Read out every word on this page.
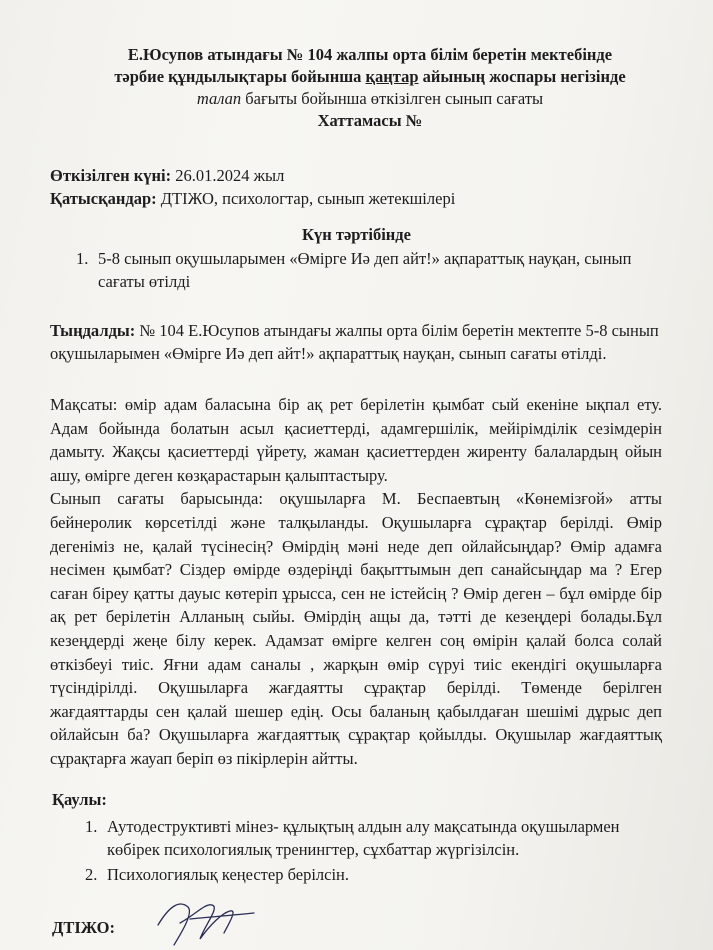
Е.Юсупов атындағы № 104 жалпы орта білім беретін мектебінде
тәрбие құндылықтары бойынша қаңтар айының жоспары негізінде
талап бағыты бойынша өткізілген сынып сағаты
Хаттамасы №
Өткізілген күні: 26.01.2024 жыл
Қатысқандар: ДТІЖО, психологтар, сынып жетекшілері
Күн тәртібінде
1. 5-8 сынып оқушыларымен «Өмірге Иә деп айт!» ақпараттық науқан, сынып сағаты өтілді
Тыңдалды: № 104 Е.Юсупов атындағы жалпы орта білім беретін мектепте 5-8 сынып оқушыларымен «Өмірге Иә деп айт!» ақпараттық науқан, сынып сағаты өтілді.
Мақсаты: өмір адам баласына бір ақ рет берілетін қымбат сый екеніне ықпал ету. Адам бойында болатын асыл қасиеттерді, адамгершілік, мейірімділік сезімдерін дамыту. Жақсы қасиеттерді үйрету, жаман қасиеттерден жиренту балалардың ойын ашу, өмірге деген көзқарастарын қалыптастыру.
Сынып сағаты барысында: оқушыларға М. Беспаевтың «Көнемізғой» атты бейнеролик көрсетілді және талқыланды. Оқушыларға сұрақтар берілді. Өмір дегеніміз не, қалай түсінесің? Өмірдің мәні неде деп ойлайсыңдар? Өмір адамға несімен қымбат? Сіздер өмірде өздеріңді бақыттымын деп санайсыңдар ма ? Егер саған біреу қатты дауыс көтеріп ұрысса, сен не істейсің ? Өмір деген – бұл өмірде бір ақ рет берілетін Алланың сыйы. Өмірдің ащы да, тәтті де кезеңдері болады.Бұл кезеңдерді жеңе білу керек. Адамзат өмірге келген соң өмірін қалай болса солай өткізбеуі тиіс. Яғни адам саналы , жарқын өмір сүруі тиіс екендігі оқушыларға түсіндірілді. Оқушыларға жағдаятты сұрақтар берілді. Төменде берілген жағдаяттарды сен қалай шешер едің. Осы баланың қабылдаған шешімі дұрыс деп ойлайсын ба? Оқушыларға жағдаяттық сұрақтар қойылды. Оқушылар жағдаяттық сұрақтарға жауап беріп өз пікірлерін айтты.
Қаулы:
1. Аутодеструктивті мінез- құлықтың алдын алу мақсатында оқушылармен көбірек психологиялық тренингтер, сұхбаттар жүргізілсін.
2. Психологиялық кеңестер берілсін.
ДТІЖО:
